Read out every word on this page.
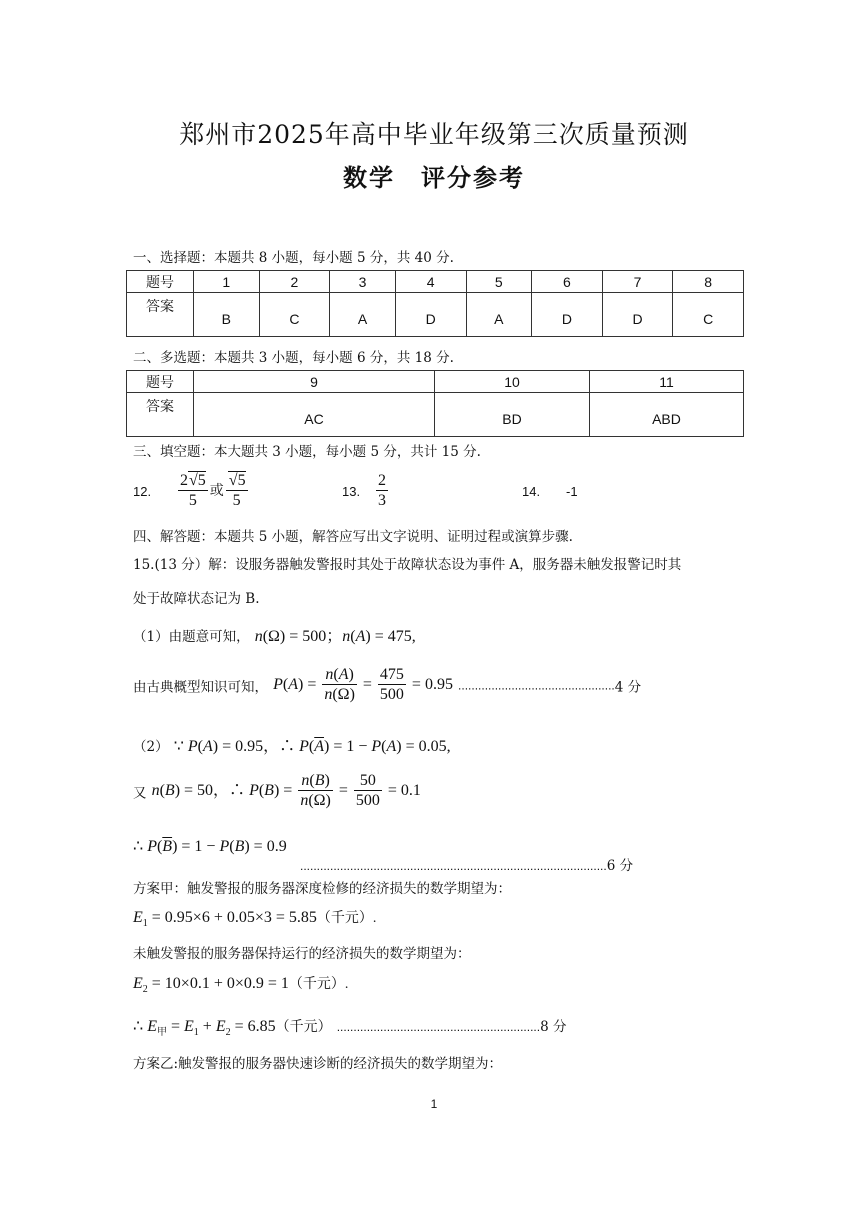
郑州市2025年高中毕业年级第三次质量预测
数学　评分参考
一、选择题：本题共 8 小题，每小题 5 分，共 40 分.
题号	1	2	3	4	5	6	7	8
答案	B	C	A	D	A	D	D	C
二、多选题：本题共 3 小题，每小题 6 分，共 18 分.
题号	9	10	11
答案	AC	BD	ABD
三、填空题：本大题共 3 小题，每小题 5 分，共计 15 分.
12. $\frac{2√5}{5}$ 或 $\frac{√5}{5}$	13. $\frac{2}{3}$	14. -1
四、解答题：本题共 5 小题，解答应写出文字说明、证明过程或演算步骤.
15.(13 分）解：设服务器触发警报时其处于故障状态设为事件 A，服务器未触发报警记时其
处于故障状态记为 B.
（1）由题意可知， n(Ω) = 500；n(A) = 475,
由古典概型知识可知， $P(A) = \frac{n(A)}{n(\Omega)} = \frac{475}{500} = 0.95$ ...............................................4 分
（2） ∵ P(A) = 0.95，∴ $P(\overline{A}) = 1 - P(A) = 0.05$,
又 n(B) = 50，∴ $P(B) = \frac{n(B)}{n(\Omega)} = \frac{50}{500} = 0.1$
∴ $P(\overline{B}) = 1 - P(B) = 0.9$
............................................................................................6 分
方案甲：触发警报的服务器深度检修的经济损失的数学期望为：
$E_1 = 0.95\times 6 + 0.05\times 3 = 5.85$（千元）.
未触发警报的服务器保持运行的经济损失的数学期望为：
$E_2 = 10\times 0.1 + 0\times 0.9 = 1$（千元）.
∴ $E_甲 = E_1 + E_2 = 6.85$（千元） .............................................................8 分
方案乙:触发警报的服务器快速诊断的经济损失的数学期望为：
1
